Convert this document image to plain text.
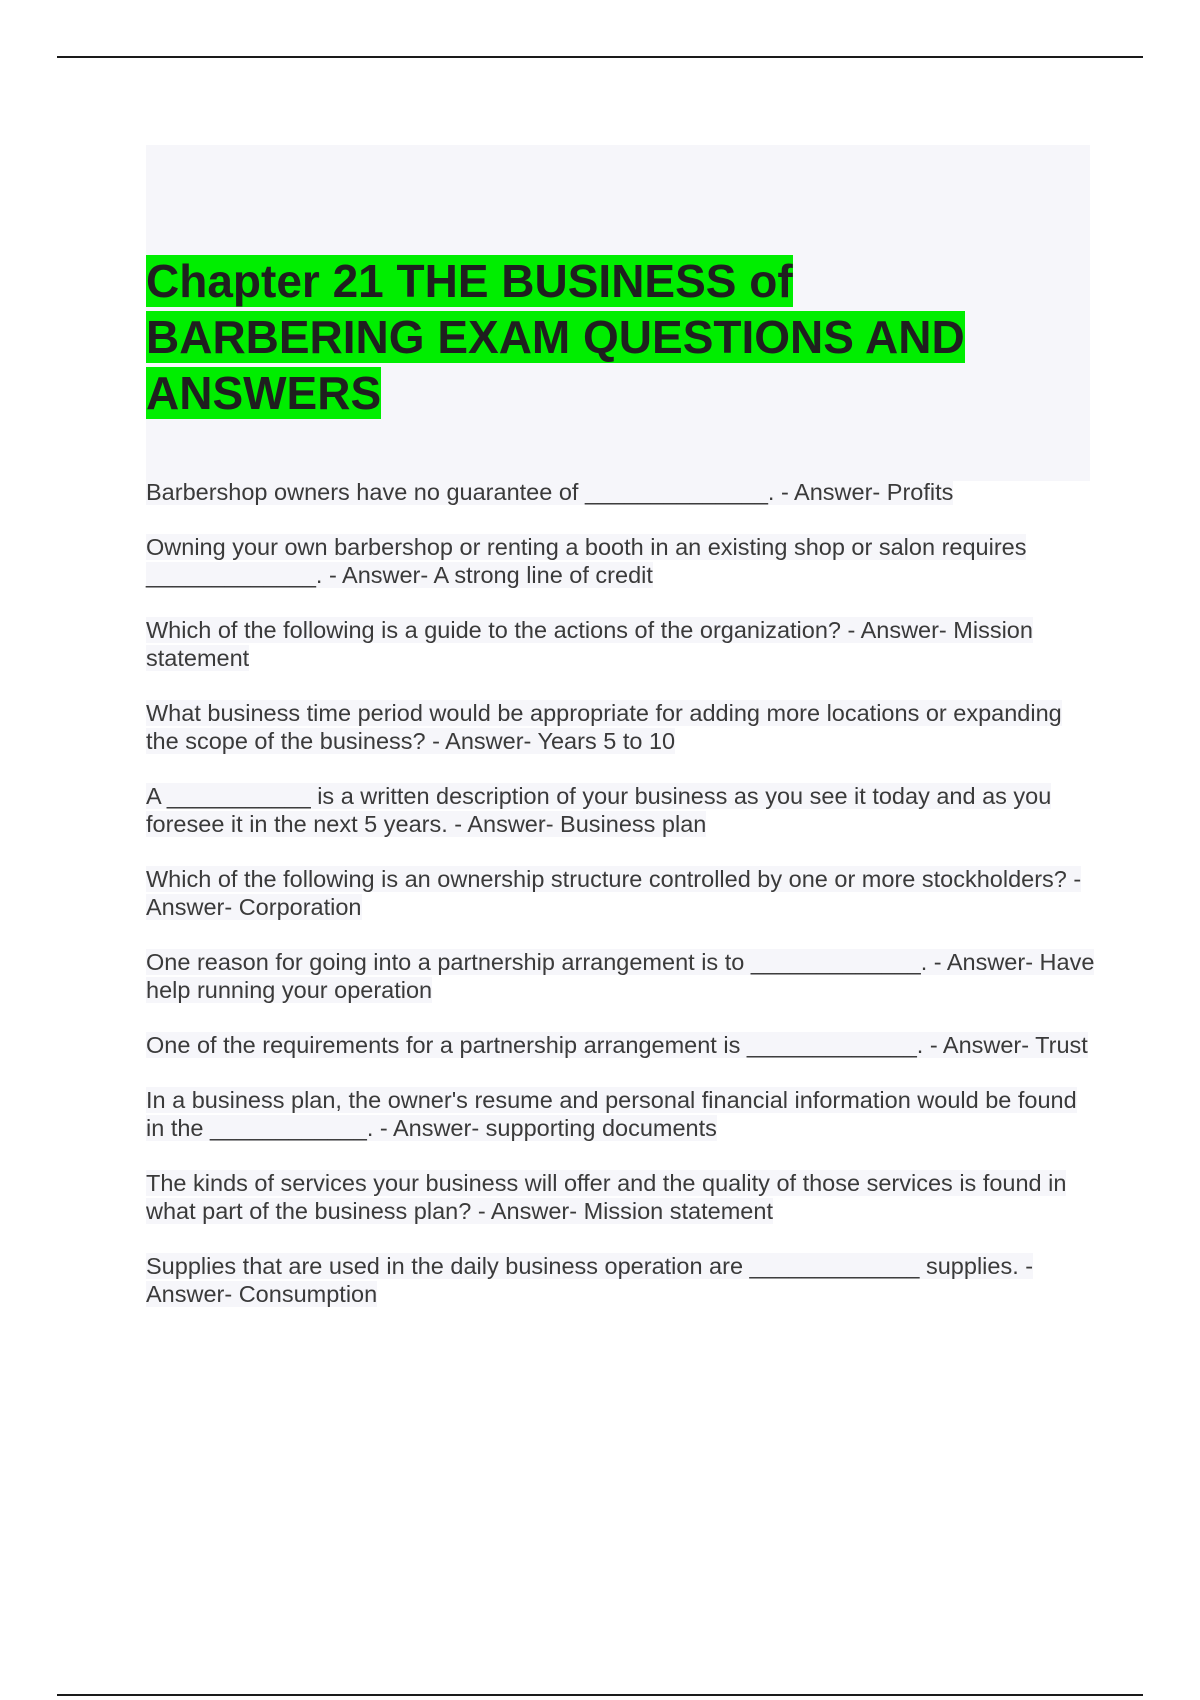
Chapter 21 THE BUSINESS of BARBERING EXAM QUESTIONS AND ANSWERS

Barbershop owners have no guarantee of ______________. - Answer- Profits

Owning your own barbershop or renting a booth in an existing shop or salon requires _____________. - Answer- A strong line of credit

Which of the following is a guide to the actions of the organization? - Answer- Mission statement

What business time period would be appropriate for adding more locations or expanding the scope of the business? - Answer- Years 5 to 10

A ___________ is a written description of your business as you see it today and as you foresee it in the next 5 years. - Answer- Business plan

Which of the following is an ownership structure controlled by one or more stockholders? - Answer- Corporation

One reason for going into a partnership arrangement is to _____________. - Answer- Have help running your operation

One of the requirements for a partnership arrangement is _____________. - Answer- Trust

In a business plan, the owner's resume and personal financial information would be found in the ____________. - Answer- supporting documents

The kinds of services your business will offer and the quality of those services is found in what part of the business plan? - Answer- Mission statement

Supplies that are used in the daily business operation are _____________ supplies. - Answer- Consumption
